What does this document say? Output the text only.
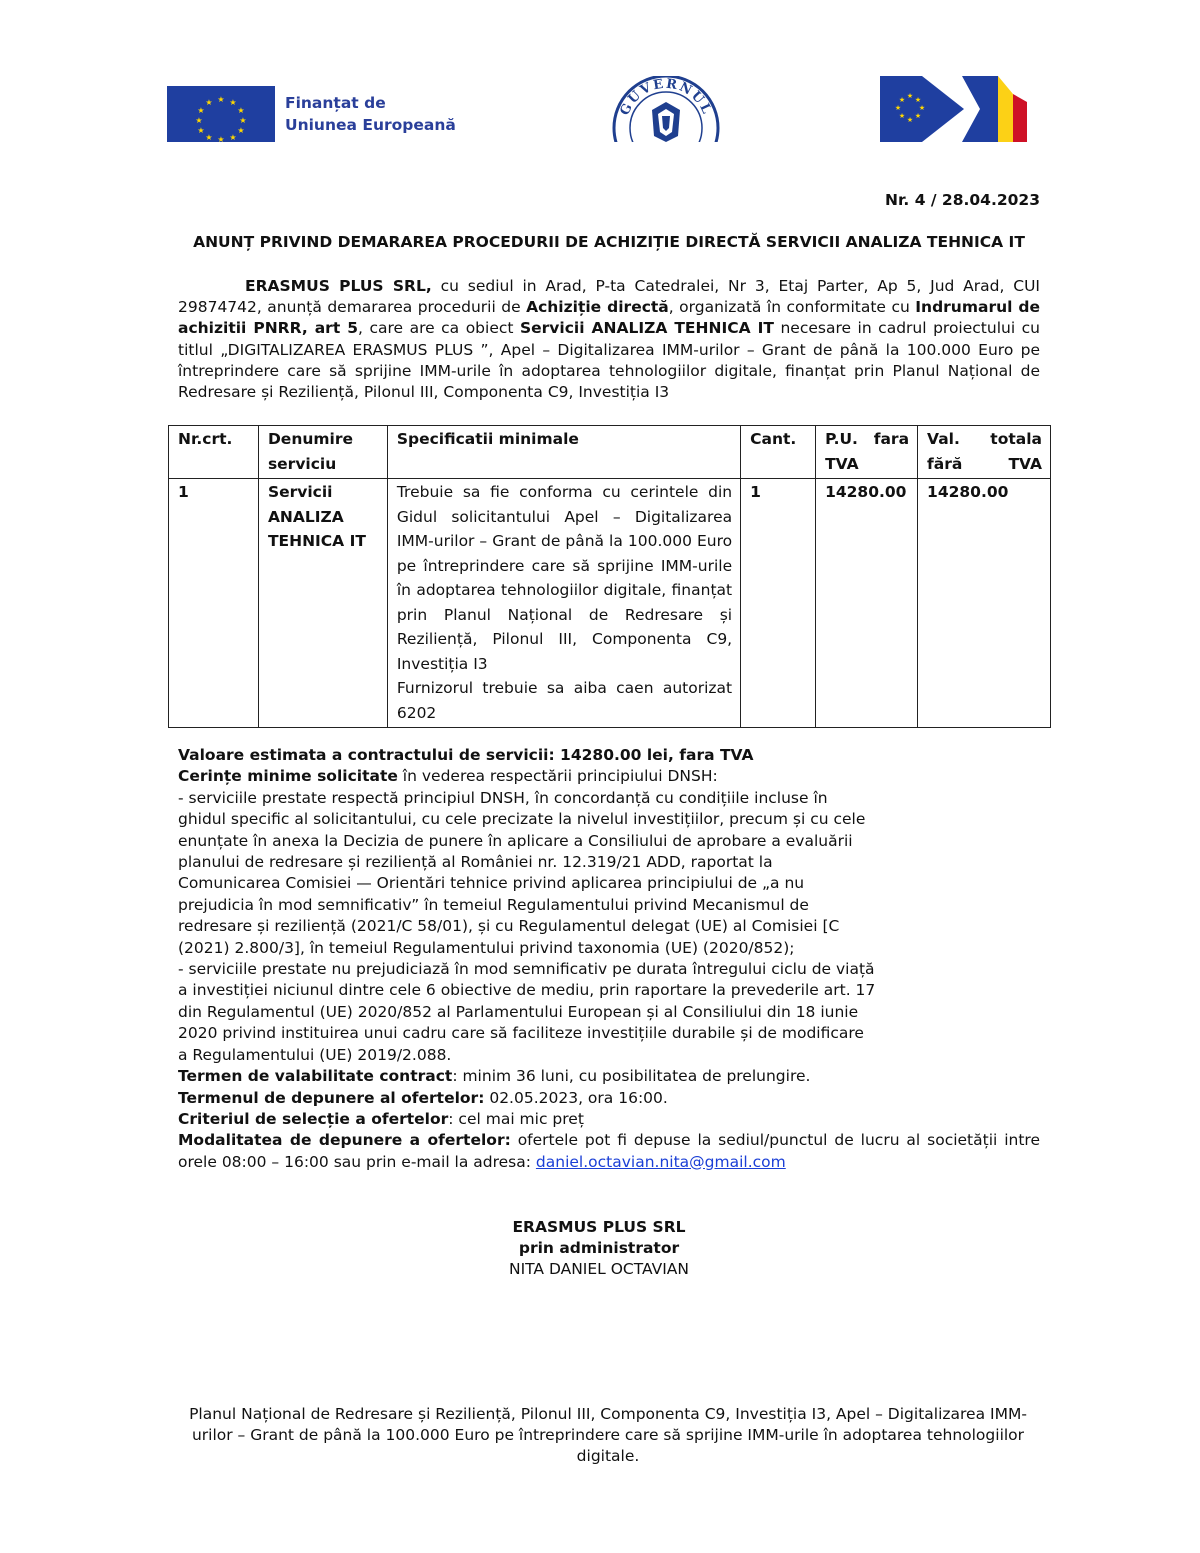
★ ★
★
★
★
★
★
★
★
★
★
★	Finanțat de
Uniunea Europeană
GUVERNUL
★ ★
★
★
★
★
★
★
Nr. 4 / 28.04.2023
ANUNȚ PRIVIND DEMARAREA PROCEDURII DE ACHIZIȚIE DIRECTĂ SERVICII ANALIZA TEHNICA IT
ERASMUS PLUS SRL, cu sediul in Arad, P-ta Catedralei, Nr 3, Etaj Parter, Ap 5, Jud Arad, CUI 29874742, anunță demararea procedurii de Achiziție directă, organizată în conformitate cu Indrumarul de achizitii PNRR, art 5, care are ca obiect Servicii ANALIZA TEHNICA IT necesare in cadrul proiectului cu titlul „DIGITALIZAREA ERASMUS PLUS ”, Apel – Digitalizarea IMM-urilor – Grant de până la 100.000 Euro pe întreprindere care să sprijine IMM-urile în adoptarea tehnologiilor digitale, finanțat prin Planul Național de Redresare și Reziliență, Pilonul III, Componenta C9, Investiția I3
Nr.crt.	Denumire serviciu	Specificatii minimale	Cant.	P.U. fara TVA	Val. totala fără TVA

1	Servicii ANALIZA TEHNICA IT	Trebuie sa fie conforma cu cerintele din Gidul solicitantului Apel – Digitalizarea IMM-urilor – Grant de până la 100.000 Euro pe întreprindere care să sprijine IMM-urile în adoptarea tehnologiilor digitale, finanțat prin Planul Național de Redresare și Reziliență, Pilonul III, Componenta C9, Investiția I3
Furnizorul trebuie sa aiba caen autorizat 6202	1	14280.00	14280.00

Valoare estimata a contractului de servicii: 14280.00 lei, fara TVA

Cerințe minime solicitate în vederea respectării principiului DNSH:

- serviciile prestate respectă principiul DNSH, în concordanță cu condițiile incluse în ghidul specific al solicitantului, cu cele precizate la nivelul investițiilor, precum și cu cele enunțate în anexa la Decizia de punere în aplicare a Consiliului de aprobare a evaluării planului de redresare și reziliență al României nr. 12.319/21 ADD, raportat la Comunicarea Comisiei — Orientări tehnice privind aplicarea principiului de „a nu prejudicia în mod semnificativ” în temeiul Regulamentului privind Mecanismul de redresare și reziliență (2021/C 58/01), și cu Regulamentul delegat (UE) al Comisiei [C (2021) 2.800/3], în temeiul Regulamentului privind taxonomia (UE) (2020/852);

- serviciile prestate nu prejudiciază în mod semnificativ pe durata întregului ciclu de viață a investiției niciunul dintre cele 6 obiective de mediu, prin raportare la prevederile art. 17 din Regulamentul (UE) 2020/852 al Parlamentului European și al Consiliului din 18 iunie 2020 privind instituirea unui cadru care să faciliteze investițiile durabile și de modificare a Regulamentului (UE) 2019/2.088.

Termen de valabilitate contract: minim 36 luni, cu posibilitatea de prelungire.

Termenul de depunere al ofertelor: 02.05.2023, ora 16:00.

Criteriul de selecție a ofertelor: cel mai mic preț

Modalitatea de depunere a ofertelor: ofertele pot fi depuse la sediul/punctul de lucru al societății intre orele 08:00 – 16:00 sau prin e-mail la adresa: daniel.octavian.nita@gmail.com

ERASMUS PLUS SRL
prin administrator
NITA DANIEL OCTAVIAN
Planul Național de Redresare și Reziliență, Pilonul III, Componenta C9, Investiția I3, Apel – Digitalizarea IMM-urilor – Grant de până la 100.000 Euro pe întreprindere care să sprijine IMM-urile în adoptarea tehnologiilor digitale.
